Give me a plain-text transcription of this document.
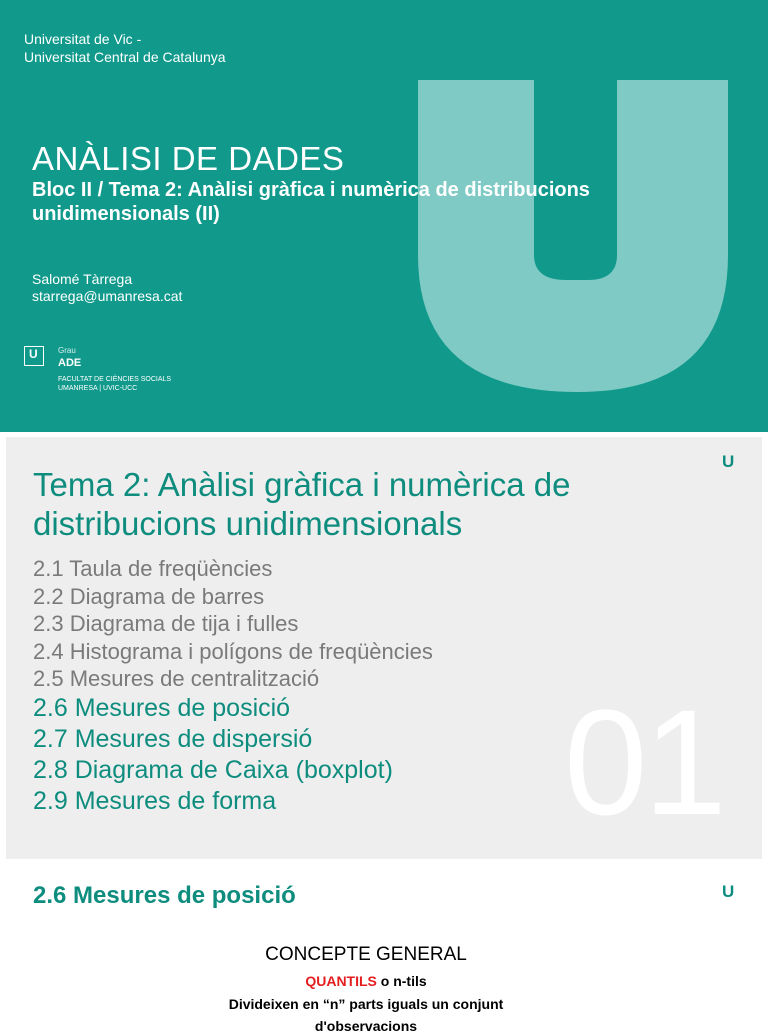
Universitat de Vic -
Universitat Central de Catalunya
ANÀLISI DE DADES
Bloc II / Tema 2: Anàlisi gràfica i numèrica de distribucions unidimensionals (II)
Salomé Tàrrega
starrega@umanresa.cat
U	Grau
ADE
FACULTAT DE CIÈNCIES SOCIALS
UMANRESA | UVIC-UCC
01
U
Tema 2: Anàlisi gràfica i numèrica de distribucions unidimensionals
2.1 Taula de freqüències
2.2 Diagrama de barres
2.3 Diagrama de tija i fulles
2.4 Histograma i polígons de freqüències
2.5 Mesures de centralització
2.6 Mesures de posició
2.7 Mesures de dispersió
2.8 Diagrama de Caixa (boxplot)
2.9 Mesures de forma
2.6 Mesures de posició	U
CONCEPTE GENERAL
QUANTILS o n-tils
Divideixen en “n” parts iguals un conjunt
d'observacions
